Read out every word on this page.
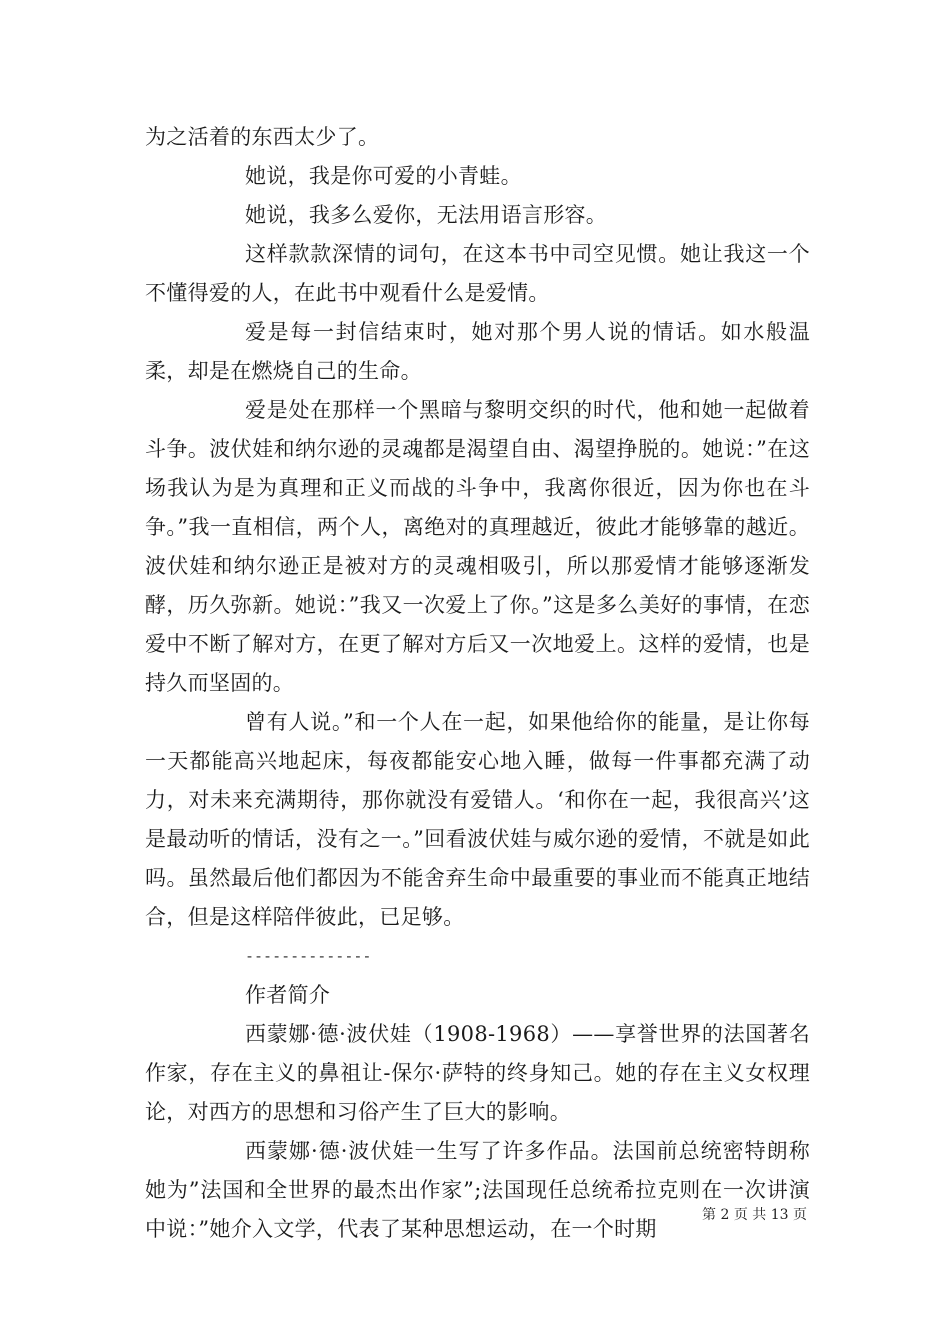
为之活着的东西太少了。

她说，我是你可爱的小青蛙。

她说，我多么爱你，无法用语言形容。

这样款款深情的词句，在这本书中司空见惯。她让我这一个不懂得爱的人，在此书中观看什么是爱情。

爱是每一封信结束时，她对那个男人说的情话。如水般温柔，却是在燃烧自己的生命。

爱是处在那样一个黑暗与黎明交织的时代，他和她一起做着斗争。波伏娃和纳尔逊的灵魂都是渴望自由、渴望挣脱的。她说：”在这场我认为是为真理和正义而战的斗争中，我离你很近，因为你也在斗争。”我一直相信，两个人，离绝对的真理越近，彼此才能够靠的越近。波伏娃和纳尔逊正是被对方的灵魂相吸引，所以那爱情才能够逐渐发酵，历久弥新。她说：”我又一次爱上了你。”这是多么美好的事情，在恋爱中不断了解对方，在更了解对方后又一次地爱上。这样的爱情，也是持久而坚固的。

曾有人说。”和一个人在一起，如果他给你的能量，是让你每一天都能高兴地起床，每夜都能安心地入睡，做每一件事都充满了动力，对未来充满期待，那你就没有爱错人。‘和你在一起，我很高兴’这是最动听的情话，没有之一。”回看波伏娃与威尔逊的爱情，不就是如此吗。虽然最后他们都因为不能舍弃生命中最重要的事业而不能真正地结合，但是这样陪伴彼此，已足够。

--------------

作者简介

西蒙娜·德·波伏娃（1908-1968）——享誉世界的法国著名作家，存在主义的鼻祖让-保尔·萨特的终身知己。她的存在主义女权理论，对西方的思想和习俗产生了巨大的影响。

西蒙娜·德·波伏娃一生写了许多作品。法国前总统密特朗称她为”法国和全世界的最杰出作家”;法国现任总统希拉克则在一次讲演中说：”她介入文学，代表了某种思想运动，在一个时期

第 2 页 共 13 页
